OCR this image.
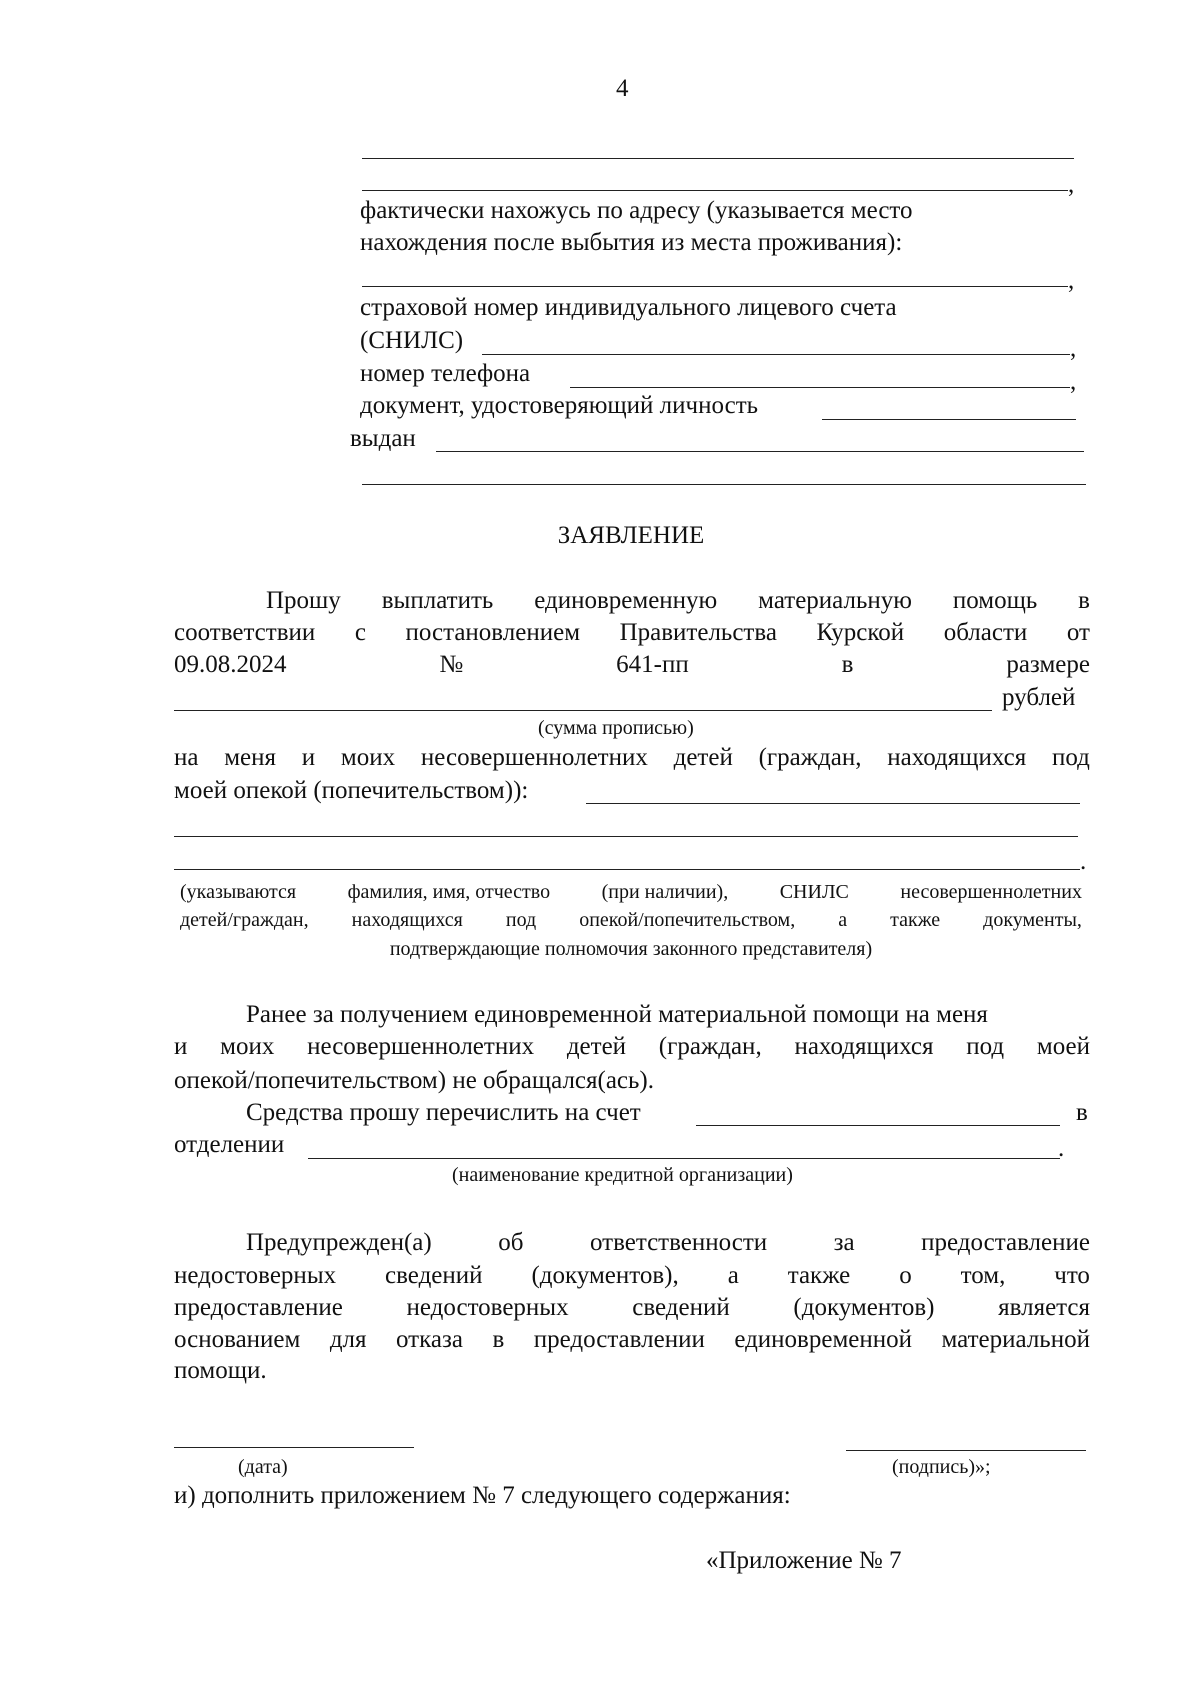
4
,
фактически нахожусь по адресу (указывается место
нахождения после выбытия из места проживания):
,
страховой номер индивидуального лицевого счета
(СНИЛС)	,
номер телефона	,
документ, удостоверяющий личность
выдан
ЗАЯВЛЕНИЕ
Прошу выплатить единовременную материальную помощь в
соответствии с постановлением Правительства Курской области от
09.08.2024	№	641-пп	в	размере
рублей
(сумма прописью)
на меня и моих несовершеннолетних детей (граждан, находящихся под
моей опекой (попечительством)):
.
(указываются	фамилия, имя, отчество	(при наличии),	СНИЛС	несовершеннолетних
детей/граждан, находящихся под опекой/попечительством, а также документы,
подтверждающие полномочия законного представителя)
Ранее за получением единовременной материальной помощи на меня
и моих несовершеннолетних детей (граждан, находящихся под моей
опекой/попечительством) не обращался(ась).
Средства прошу перечислить на счет	в
отделении	.
(наименование кредитной организации)
Предупрежден(а)	об	ответственности	за	предоставление
недостоверных сведений (документов), а также о том, что
предоставление	недостоверных	сведений	(документов)	является
основанием для отказа в предоставлении единовременной материальной
помощи.
(дата)	(подпись)»;
и) дополнить приложением № 7 следующего содержания:
«Приложение № 7
